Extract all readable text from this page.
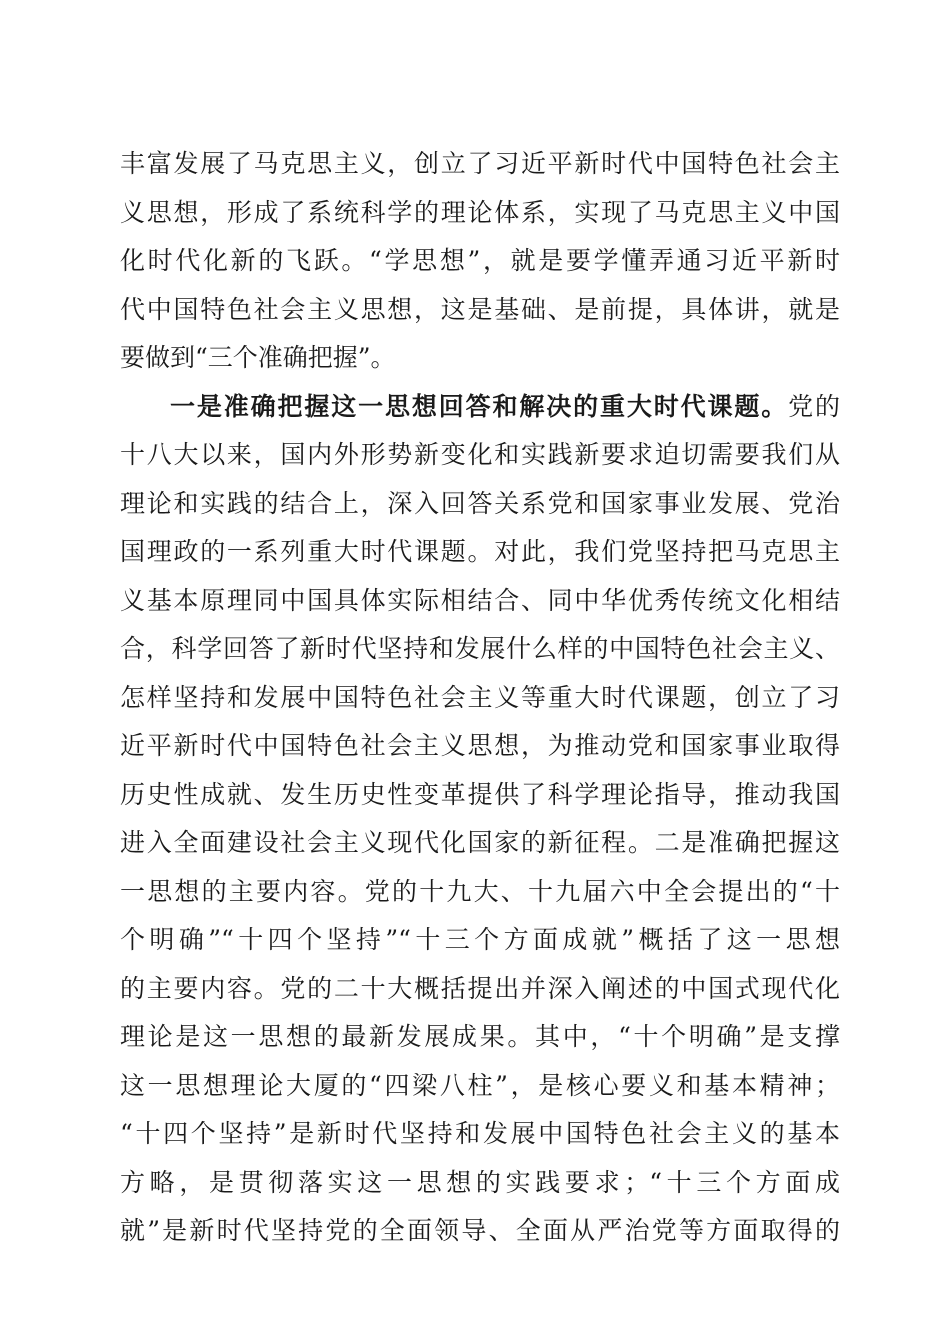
丰富发展了马克思主义，创立了习近平新时代中国特色社会主
义思想，形成了系统科学的理论体系，实现了马克思主义中国
化时代化新的飞跃。“学思想”，就是要学懂弄通习近平新时
代中国特色社会主义思想，这是基础、是前提，具体讲，就是
要做到“三个准确把握”。
一是准确把握这一思想回答和解决的重大时代课题。党的
十八大以来，国内外形势新变化和实践新要求迫切需要我们从
理论和实践的结合上，深入回答关系党和国家事业发展、党治
国理政的一系列重大时代课题。对此，我们党坚持把马克思主
义基本原理同中国具体实际相结合、同中华优秀传统文化相结
合，科学回答了新时代坚持和发展什么样的中国特色社会主义、
怎样坚持和发展中国特色社会主义等重大时代课题，创立了习
近平新时代中国特色社会主义思想，为推动党和国家事业取得
历史性成就、发生历史性变革提供了科学理论指导，推动我国
进入全面建设社会主义现代化国家的新征程。二是准确把握这
一思想的主要内容。党的十九大、十九届六中全会提出的“十
个明确”“十四个坚持”“十三个方面成就”概括了这一思想
的主要内容。党的二十大概括提出并深入阐述的中国式现代化
理论是这一思想的最新发展成果。其中，“十个明确”是支撑
这一思想理论大厦的“四梁八柱”，是核心要义和基本精神；
“十四个坚持”是新时代坚持和发展中国特色社会主义的基本
方略，是贯彻落实这一思想的实践要求；“十三个方面成
就”是新时代坚持党的全面领导、全面从严治党等方面取得的
